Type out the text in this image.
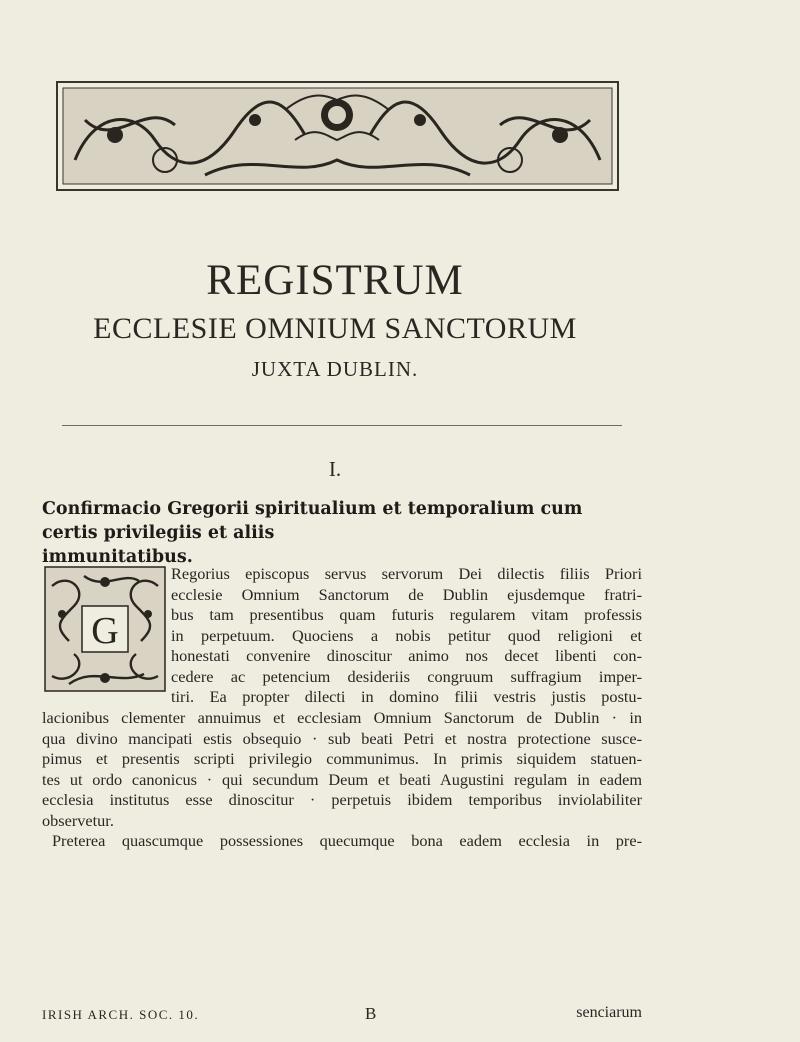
REGISTRUM
ECCLESIE OMNIUM SANCTORUM
JUXTA DUBLIN.
I.
Confirmacio Gregorii spiritualium et temporalium cum certis privilegiis et aliis
immunitatibus.
G
Regorius episcopus servus servorum Dei dilectis filiis Priori
ecclesie Omnium Sanctorum de Dublin ejusdemque fratri-
bus tam presentibus quam futuris regularem vitam professis
in perpetuum. Quociens a nobis petitur quod religioni et
honestati convenire dinoscitur animo nos decet libenti con-
cedere ac petencium desideriis congruum suffragium imper-
tiri. Ea propter dilecti in domino filii vestris justis postu-
lacionibus clementer annuimus et ecclesiam Omnium Sanctorum de Dublin · in
qua divino mancipati estis obsequio · sub beati Petri et nostra protectione susce-
pimus et presentis scripti privilegio communimus. In primis siquidem statuen-
tes ut ordo canonicus · qui secundum Deum et beati Augustini regulam in eadem
ecclesia institutus esse dinoscitur · perpetuis ibidem temporibus inviolabiliter
observetur.
Preterea quascumque possessiones quecumque bona eadem ecclesia in pre-
IRISH ARCH. SOC. 10.	B	senciarum
